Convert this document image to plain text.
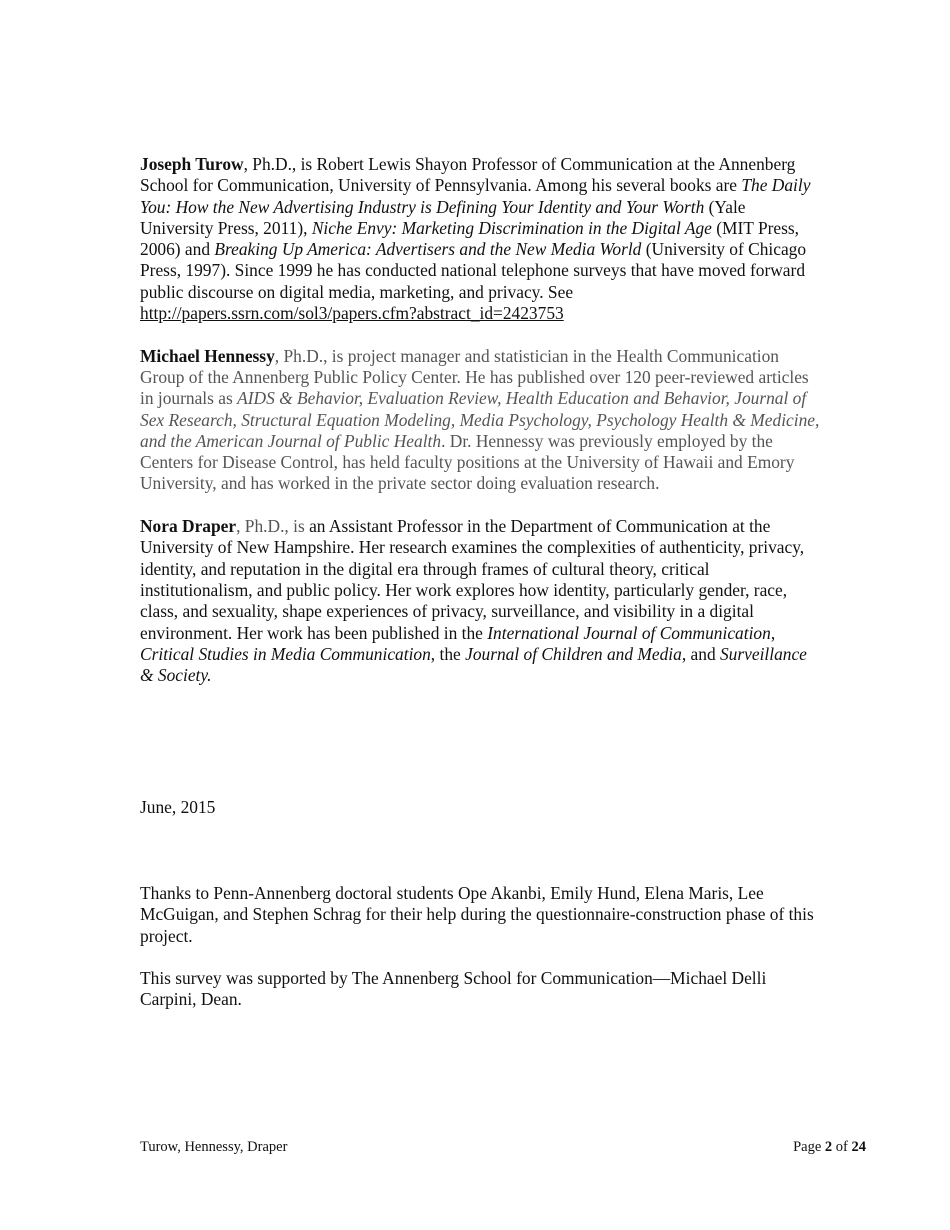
Joseph Turow, Ph.D., is Robert Lewis Shayon Professor of Communication at the Annenberg School for Communication, University of Pennsylvania. Among his several books are The Daily You: How the New Advertising Industry is Defining Your Identity and Your Worth (Yale University Press, 2011), Niche Envy: Marketing Discrimination in the Digital Age (MIT Press, 2006) and Breaking Up America: Advertisers and the New Media World (University of Chicago Press, 1997). Since 1999 he has conducted national telephone surveys that have moved forward public discourse on digital media, marketing, and privacy. See http://papers.ssrn.com/sol3/papers.cfm?abstract_id=2423753

Michael Hennessy, Ph.D., is project manager and statistician in the Health Communication Group of the Annenberg Public Policy Center. He has published over 120 peer-reviewed articles in journals as AIDS & Behavior, Evaluation Review, Health Education and Behavior, Journal of Sex Research, Structural Equation Modeling, Media Psychology, Psychology Health & Medicine, and the American Journal of Public Health. Dr. Hennessy was previously employed by the Centers for Disease Control, has held faculty positions at the University of Hawaii and Emory University, and has worked in the private sector doing evaluation research.

Nora Draper, Ph.D., is an Assistant Professor in the Department of Communication at the University of New Hampshire. Her research examines the complexities of authenticity, privacy, identity, and reputation in the digital era through frames of cultural theory, critical institutionalism, and public policy. Her work explores how identity, particularly gender, race, class, and sexuality, shape experiences of privacy, surveillance, and visibility in a digital environment. Her work has been published in the International Journal of Communication, Critical Studies in Media Communication, the Journal of Children and Media, and Surveillance & Society.

June, 2015

Thanks to Penn-Annenberg doctoral students Ope Akanbi, Emily Hund, Elena Maris, Lee McGuigan, and Stephen Schrag for their help during the questionnaire-construction phase of this project.

This survey was supported by The Annenberg School for Communication—Michael Delli Carpini, Dean.

Turow, Hennessy, Draper	Page 2 of 24
